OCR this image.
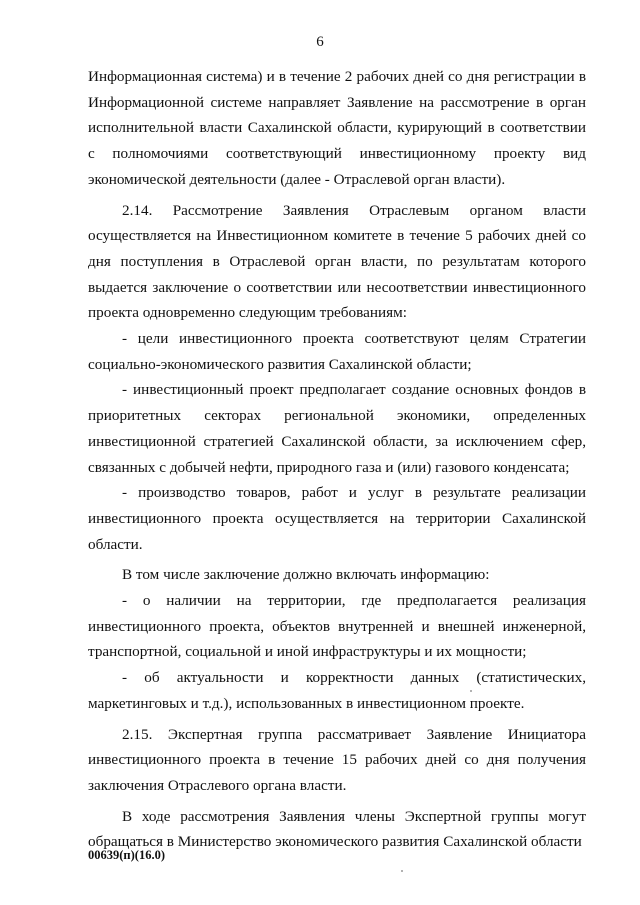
6

Информационная система) и в течение 2 рабочих дней со дня регистрации в Информационной системе направляет Заявление на рассмотрение в орган исполнительной власти Сахалинской области, курирующий в соответствии с полномочиями соответствующий инвестиционному проекту вид экономической деятельности (далее - Отраслевой орган власти).

2.14. Рассмотрение Заявления Отраслевым органом власти осуществляется на Инвестиционном комитете в течение 5 рабочих дней со дня поступления в Отраслевой орган власти, по результатам которого выдается заключение о соответствии или несоответствии инвестиционного проекта одновременно следующим требованиям:

- цели инвестиционного проекта соответствуют целям Стратегии социально-экономического развития Сахалинской области;

- инвестиционный проект предполагает создание основных фондов в приоритетных секторах региональной экономики, определенных инвестиционной стратегией Сахалинской области, за исключением сфер, связанных с добычей нефти, природного газа и (или) газового конденсата;

- производство товаров, работ и услуг в результате реализации инвестиционного проекта осуществляется на территории Сахалинской области.

В том числе заключение должно включать информацию:

- о наличии на территории, где предполагается реализация инвестиционного проекта, объектов внутренней и внешней инженерной, транспортной, социальной и иной инфраструктуры и их мощности;

- об актуальности и корректности данных (статистических, маркетинговых и т.д.), использованных в инвестиционном проекте.

2.15. Экспертная группа рассматривает Заявление Инициатора инвестиционного проекта в течение 15 рабочих дней со дня получения заключения Отраслевого органа власти.

В ходе рассмотрения Заявления члены Экспертной группы могут обращаться в Министерство экономического развития Сахалинской области

00639(п)(16.0)
